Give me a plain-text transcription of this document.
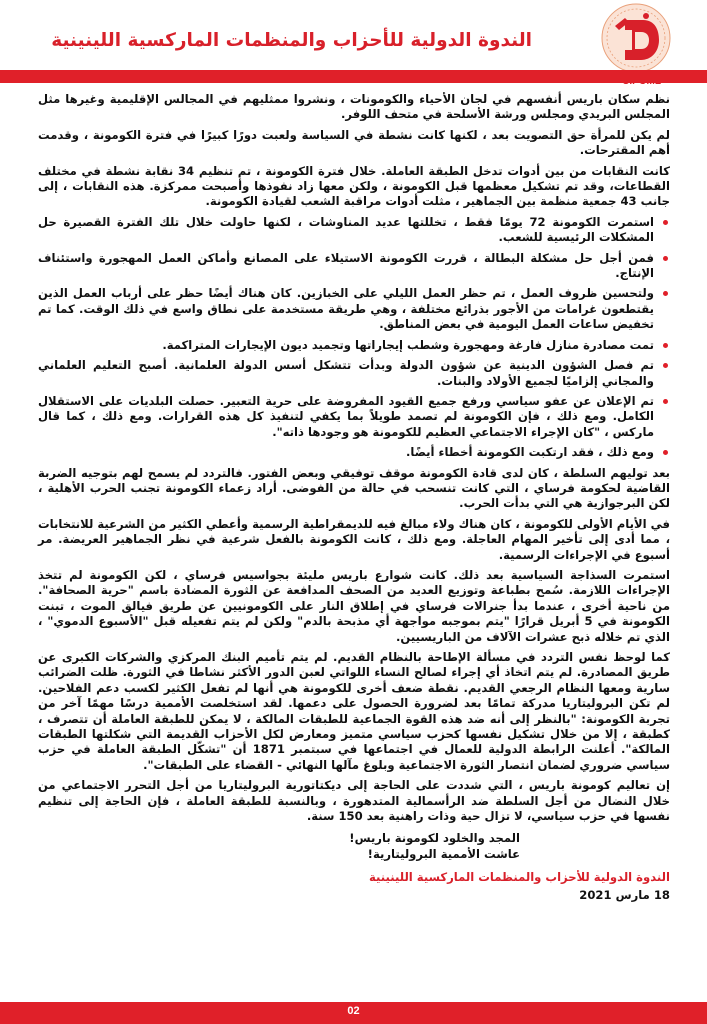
الندوة الدولية للأحزاب والمنظمات الماركسية اللينينية

نظم سكان باريس أنفسهم في لجان الأحياء والكومونات ، ونشروا ممثليهم في المجالس الإقليمية وغيرها مثل المجلس البريدي ومجلس ورشة الأسلحة في متحف اللوفر.

لم يكن للمرأة حق التصويت بعد ، لكنها كانت نشطة في السياسة ولعبت دورًا كبيرًا في فترة الكومونة ، وقدمت أهم المقترحات.

كانت النقابات من بين أدوات تدخل الطبقة العاملة. خلال فترة الكومونة ، تم تنظيم 34 نقابة نشطة في مختلف القطاعات، وقد تم تشكيل معظمها قبل الكومونة ، ولكن معها زاد نفوذها وأصبحت ممركزة. هذه النقابات ، إلى جانب 43 جمعية منظمة بين الجماهير ، مثلت أدوات مراقبة الشعب لقيادة الكومونة.

استمرت الكومونة 72 يومًا فقط ، تخللتها عديد المناوشات ، لكنها حاولت خلال تلك الفترة القصيرة حل المشكلات الرئيسية للشعب.
فمن أجل حل مشكلة البطالة ، قررت الكومونة الاستيلاء على المصانع وأماكن العمل المهجورة واستئناف الإنتاج.
ولتحسين ظروف العمل ، تم حظر العمل الليلي على الخبازين. كان هناك أيضًا حظر على أرباب العمل الذين يقتطعون غرامات من الأجور بذرائع مختلفة ، وهي طريقة مستخدمة على نطاق واسع في ذلك الوقت. كما تم تخفيض ساعات العمل اليومية في بعض المناطق.
تمت مصادرة منازل فارغة ومهجورة وشطب إيجاراتها وتجميد ديون الإيجارات المتراكمة.
تم فصل الشؤون الدينية عن شؤون الدولة وبدأت تتشكل أسس الدولة العلمانية. أصبح التعليم العلماني والمجاني إلزاميًا لجميع الأولاد والبنات.
تم الإعلان عن عفو سياسي ورفع جميع القيود المفروضة على حرية التعبير. حصلت البلديات على الاستقلال الكامل. ومع ذلك ، فإن الكومونة لم تصمد طويلاً بما يكفي لتنفيذ كل هذه القرارات. ومع ذلك ، كما قال ماركس ، "كان الإجراء الاجتماعي العظيم للكومونة هو وجودها ذاته".
ومع ذلك ، فقد ارتكبت الكومونة أخطاء أيضًا.

بعد توليهم السلطة ، كان لدى قادة الكومونة موقف توفيقي وبعض الفتور. فالتردد لم يسمح لهم بتوجيه الضربة القاضية لحكومة فرساي ، التي كانت تنسحب في حالة من الفوضى. أراد زعماء الكومونة تجنب الحرب الأهلية ، لكن البرجوازية هي التي بدأت الحرب.

في الأيام الأولى للكومونة ، كان هناك ولاء مبالغ فيه للديمقراطية الرسمية وأعطي الكثير من الشرعية للانتخابات ، مما أدى إلى تأخير المهام العاجلة. ومع ذلك ، كانت الكومونة بالفعل شرعية في نظر الجماهير العريضة. مر أسبوع في الإجراءات الرسمية.

استمرت السذاجة السياسية بعد ذلك. كانت شوارع باريس مليئة بجواسيس فرساي ، لكن الكومونة لم تتخذ الإجراءات اللازمة. سُمح بطباعة وتوزيع العديد من الصحف المدافعة عن الثورة المضادة باسم "حرية الصحافة". من ناحية أخرى ، عندما بدأ جنرالات فرساي في إطلاق النار على الكومونيين عن طريق فيالق الموت ، تبنت الكومونة في 5 أبريل قرارًا "يتم بموجبه مواجهة أي مذبحة بالدم" ولكن لم يتم تفعيله قبل "الأسبوع الدموي" ، الذي تم خلاله ذبح عشرات الآلاف من الباريسيين.

كما لوحظ نفس التردد في مسألة الإطاحة بالنظام القديم. لم يتم تأميم البنك المركزي والشركات الكبرى عن طريق المصادرة. لم يتم اتخاذ أي إجراء لصالح النساء اللواتي لعبن الدور الأكثر نشاطا في الثورة. ظلت الضرائب سارية ومعها النظام الرجعي القديم. نقطة ضعف أخرى للكومونة هي أنها لم تفعل الكثير لكسب دعم الفلاحين. لم تكن البروليتاريا مدركة تمامًا بعد لضرورة الحصول على دعمها. لقد استخلصت الأممية درسًا مهمًا آخر من تجربة الكومونة: "بالنظر إلى أنه ضد هذه القوة الجماعية للطبقات المالكة ، لا يمكن للطبقة العاملة أن تتصرف ، كطبقة ، إلا من خلال تشكيل نفسها كحزب سياسي متميز ومعارض لكل الأحزاب القديمة التي شكلتها الطبقات المالكة". أعلنت الرابطة الدولية للعمال في اجتماعها في سبتمبر 1871 أن "تشكّل الطبقة العاملة في حزب سياسي ضروري لضمان انتصار الثورة الاجتماعية وبلوغ مآلها النهائي - القضاء على الطبقات".

إن تعاليم كومونة باريس ، التي شددت على الحاجة إلى ديكتاتورية البروليتاريا من أجل التحرر الاجتماعي من خلال النضال من أجل السلطة ضد الرأسمالية المتدهورة ، وبالنسبة للطبقة العاملة ، فإن الحاجة إلى تنظيم نفسها في حزب سياسي، لا تزال حية وذات راهنية بعد 150 سنة.

المجد والخلود لكومونة باريس!
عاشت الأممية البروليتارية!
الندوة الدولية للأحزاب والمنظمات الماركسية اللينينية
18 مارس 2021
02
